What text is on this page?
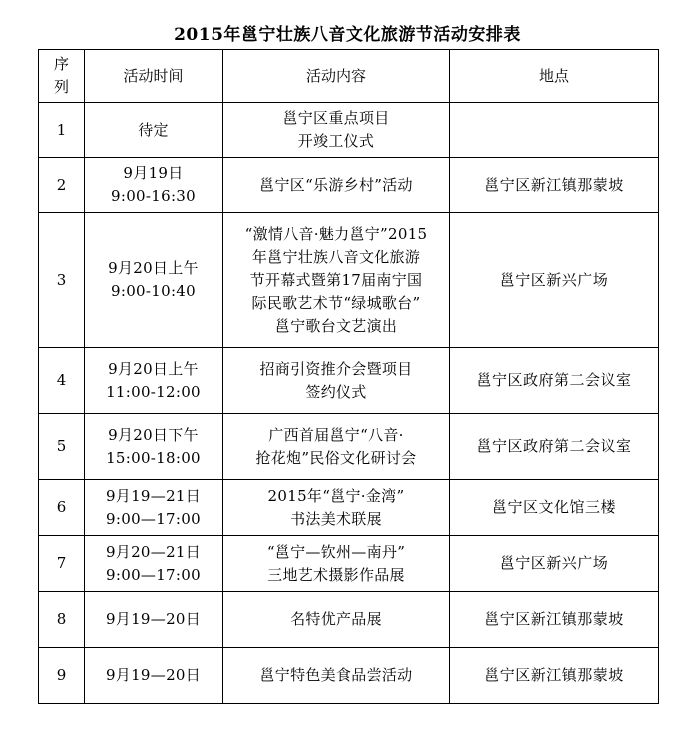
2015年邕宁壮族八音文化旅游节活动安排表
序
列	活动时间	活动内容	地点
1	待定	邕宁区重点项目
开竣工仪式	

2	9月19日
9:00-16:30	邕宁区“乐游乡村”活动	邕宁区新江镇那蒙坡
3	9月20日上午
9:00-10:40	“激情八音·魅力邕宁”2015
年邕宁壮族八音文化旅游
节开幕式暨第17届南宁国
际民歌艺术节“绿城歌台”
邕宁歌台文艺演出	邕宁区新兴广场
4	9月20日上午
11:00-12:00	招商引资推介会暨项目
签约仪式	邕宁区政府第二会议室
5	9月20日下午
15:00-18:00	广西首届邕宁“八音·
抢花炮”民俗文化研讨会	邕宁区政府第二会议室
6	9月19—21日
9:00—17:00	2015年“邕宁·金湾”
书法美术联展	邕宁区文化馆三楼
7	9月20—21日
9:00—17:00	“邕宁—钦州—南丹”
三地艺术摄影作品展	邕宁区新兴广场
8	9月19—20日	名特优产品展	邕宁区新江镇那蒙坡
9	9月19—20日	邕宁特色美食品尝活动	邕宁区新江镇那蒙坡
